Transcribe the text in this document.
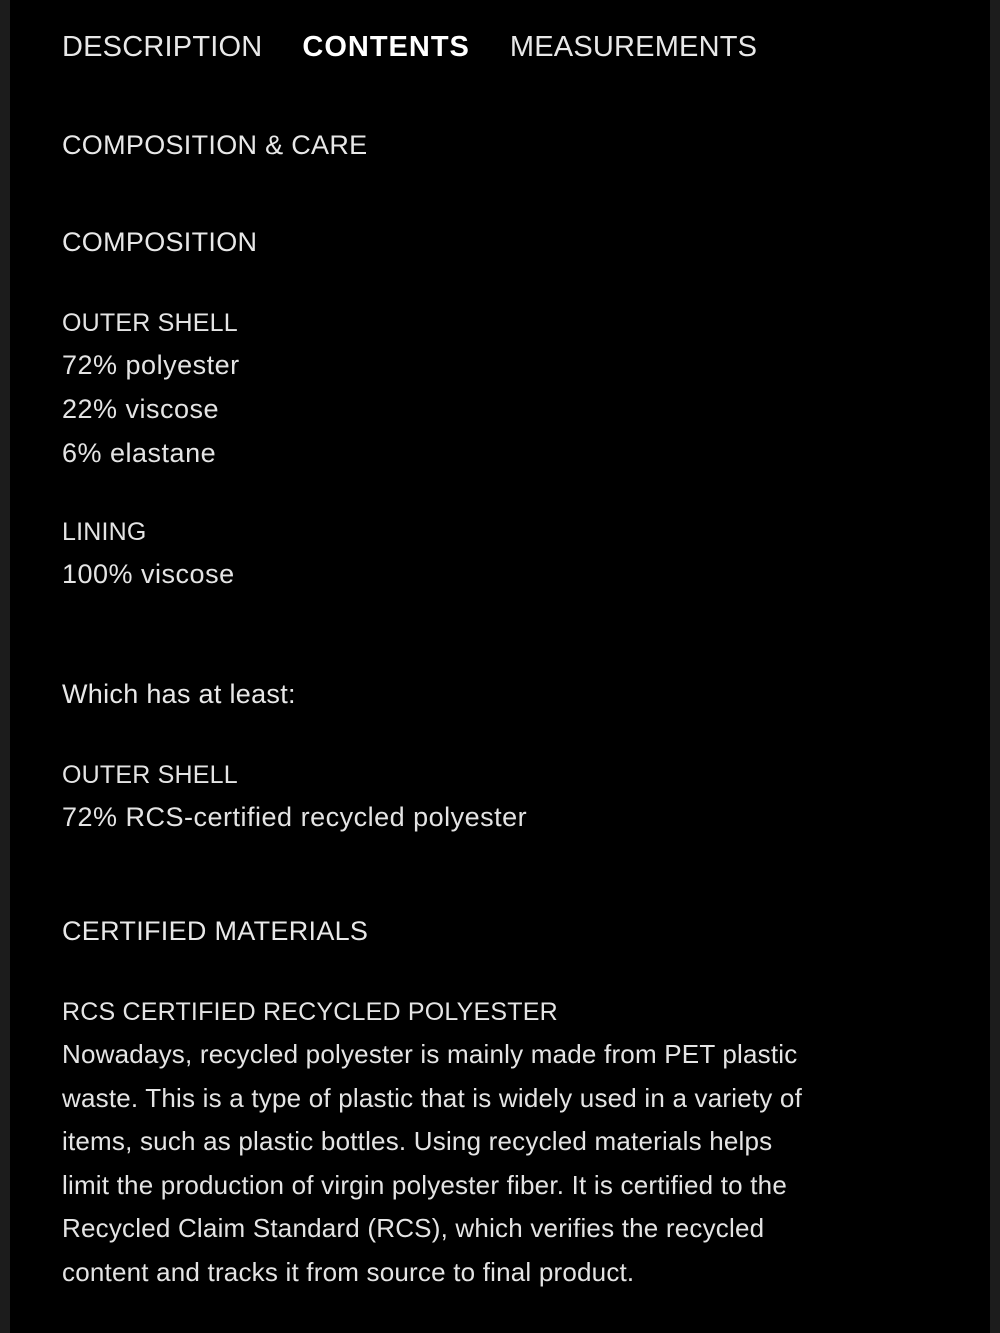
DESCRIPTION CONTENTS MEASUREMENTS
COMPOSITION & CARE
COMPOSITION
OUTER SHELL
72% polyester
22% viscose
6% elastane
LINING
100% viscose
Which has at least:
OUTER SHELL
72% RCS-certified recycled polyester
CERTIFIED MATERIALS
RCS CERTIFIED RECYCLED POLYESTER
Nowadays, recycled polyester is mainly made from PET plastic
waste. This is a type of plastic that is widely used in a variety of
items, such as plastic bottles. Using recycled materials helps
limit the production of virgin polyester fiber. It is certified to the
Recycled Claim Standard (RCS), which verifies the recycled
content and tracks it from source to final product.
